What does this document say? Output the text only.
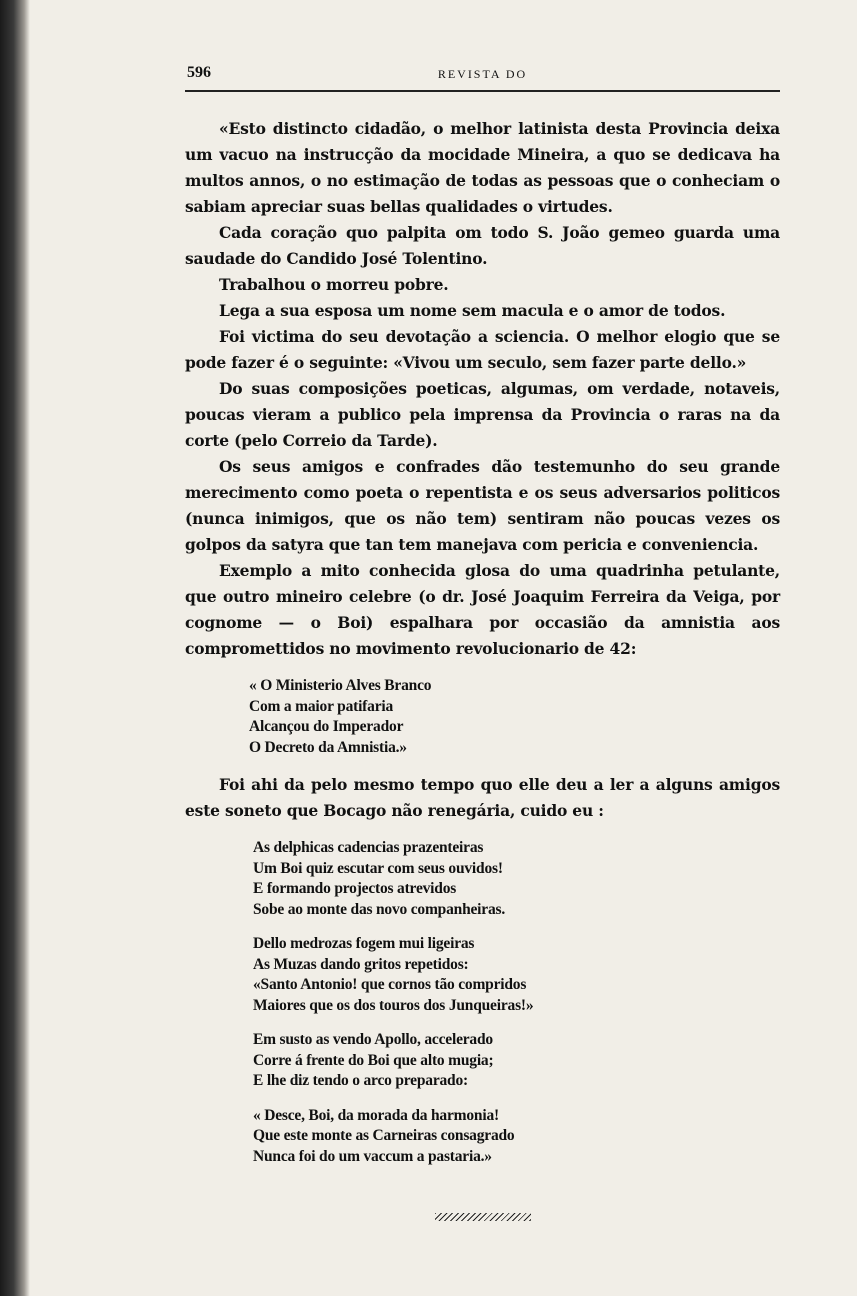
596	REVISTA DO

«Esto distincto cidadão, o melhor latinista desta Provincia deixa um vacuo na instrucção da mocidade Mineira, a quo se dedicava ha multos annos, o no estimação de todas as pessoas que o conheciam o sabiam apreciar suas bellas qualidades o virtudes.

Cada coração quo palpita om todo S. João gemeo guarda uma saudade do Candido José Tolentino.

Trabalhou o morreu pobre.

Lega a sua esposa um nome sem macula e o amor de todos.

Foi victima do seu devotação a sciencia. O melhor elogio que se pode fazer é o seguinte: «Vivou um seculo, sem fazer parte dello.»

Do suas composições poeticas, algumas, om verdade, notaveis, poucas vieram a publico pela imprensa da Provincia o raras na da corte (pelo Correio da Tarde).

Os seus amigos e confrades dão testemunho do seu grande merecimento como poeta o repentista e os seus adversarios politicos (nunca inimigos, que os não tem) sentiram não poucas vezes os golpos da satyra que tan tem manejava com pericia e conveniencia.

Exemplo a mito conhecida glosa do uma quadrinha petulante, que outro mineiro celebre (o dr. José Joaquim Ferreira da Veiga, por cognome — o Boi) espalhara por occasião da amnistia aos compromettidos no movimento revolucionario de 42:

« O Ministerio Alves Branco
Com a maior patifaria
Alcançou do Imperador
O Decreto da Amnistia.»

Foi ahi da pelo mesmo tempo quo elle deu a ler a alguns amigos este soneto que Bocago não renegária, cuido eu :

As delphicas cadencias prazenteiras
Um Boi quiz escutar com seus ouvidos!
E formando projectos atrevidos
Sobe ao monte das novo companheiras.
Dello medrozas fogem mui ligeiras
As Muzas dando gritos repetidos:
«Santo Antonio! que cornos tão compridos
Maiores que os dos touros dos Junqueiras!»
Em susto as vendo Apollo, accelerado
Corre á frente do Boi que alto mugia;
E lhe diz tendo o arco preparado:
« Desce, Boi, da morada da harmonia!
Que este monte as Carneiras consagrado
Nunca foi do um vaccum a pastaria.»
